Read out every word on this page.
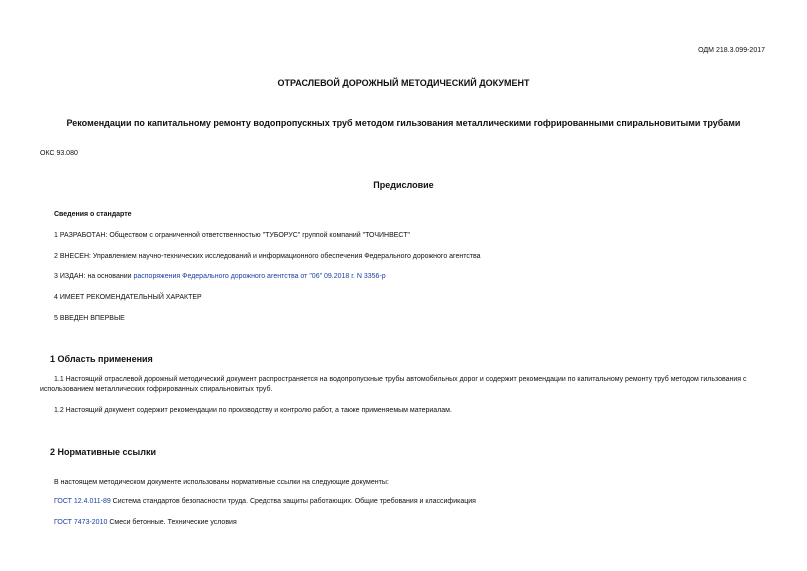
ОДМ 218.3.099-2017
ОТРАСЛЕВОЙ ДОРОЖНЫЙ МЕТОДИЧЕСКИЙ ДОКУМЕНТ
Рекомендации по капитальному ремонту водопропускных труб методом гильзования металлическими гофрированными спиральновитыми трубами
ОКС 93.080
Предисловие
Сведения о стандарте
1 РАЗРАБОТАН: Обществом с ограниченной ответственностью "ТУБОРУС" группой компаний "ТОЧИНВЕСТ"
2 ВНЕСЕН: Управлением научно-технических исследований и информационного обеспечения Федерального дорожного агентства
3 ИЗДАН: на основании распоряжения Федерального дорожного агентства от "06" 09.2018 г. N 3356-р
4 ИМЕЕТ РЕКОМЕНДАТЕЛЬНЫЙ ХАРАКТЕР
5 ВВЕДЕН ВПЕРВЫЕ
1 Область применения
1.1 Настоящий отраслевой дорожный методический документ распространяется на водопропускные трубы автомобильных дорог и содержит рекомендации по капитальному ремонту труб методом гильзования с использованием металлических гофрированных спиральновитых труб.
1.2 Настоящий документ содержит рекомендации по производству и контролю работ, а также применяемым материалам.
2 Нормативные ссылки
В настоящем методическом документе использованы нормативные ссылки на следующие документы:
ГОСТ 12.4.011-89 Система стандартов безопасности труда. Средства защиты работающих. Общие требования и классификация
ГОСТ 7473-2010 Смеси бетонные. Технические условия
